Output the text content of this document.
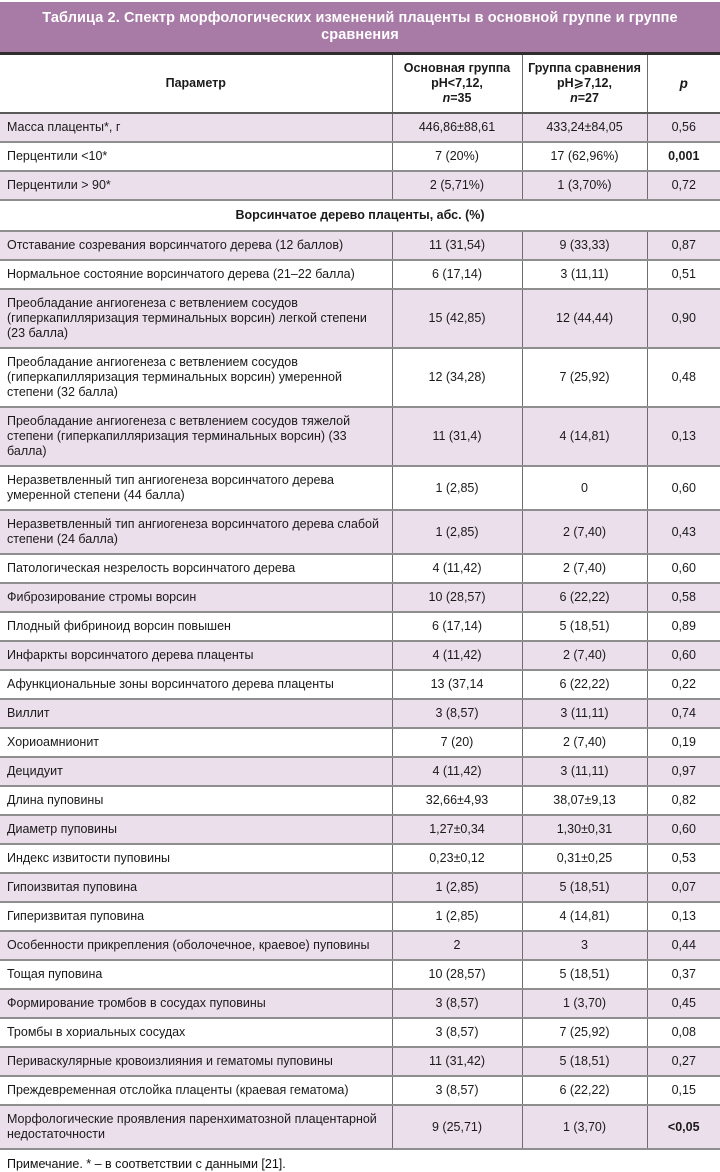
Таблица 2. Спектр морфологических изменений плаценты в основной группе и группе сравнения
Параметр	Основная группа
pH<7,12,
n=35	Группа сравнения
pH⩾7,12,
n=27	p
Масса плаценты*, г	446,86±88,61	433,24±84,05	0,56
Перцентили <10*	7 (20%)	17 (62,96%)	0,001
Перцентили > 90*	2 (5,71%)	1 (3,70%)	0,72
Ворсинчатое дерево плаценты, абс. (%)			
Отставание созревания ворсинчатого дерева (12 баллов)	11 (31,54)	9 (33,33)	0,87
Нормальное состояние ворсинчатого дерева (21–22 балла)	6 (17,14)	3 (11,11)	0,51
Преобладание ангиогенеза с ветвлением сосудов (гиперкапилляризация терминальных ворсин) легкой степени (23 балла)	15 (42,85)	12 (44,44)	0,90
Преобладание ангиогенеза с ветвлением сосудов (гиперкапилляризация терминальных ворсин) умеренной степени (32 балла)	12 (34,28)	7 (25,92)	0,48
Преобладание ангиогенеза с ветвлением сосудов тяжелой степени (гиперкапилляризация терминальных ворсин) (33 балла)	11 (31,4)	4 (14,81)	0,13
Неразветвленный тип ангиогенеза ворсинчатого дерева умеренной степени (44 балла)	1 (2,85)	0	0,60
Неразветвленный тип ангиогенеза ворсинчатого дерева слабой степени (24 балла)	1 (2,85)	2 (7,40)	0,43
Патологическая незрелость ворсинчатого дерева	4 (11,42)	2 (7,40)	0,60
Фиброзирование стромы ворсин	10 (28,57)	6 (22,22)	0,58
Плодный фибриноид ворсин повышен	6 (17,14)	5 (18,51)	0,89
Инфаркты ворсинчатого дерева плаценты	4 (11,42)	2 (7,40)	0,60
Афункциональные зоны ворсинчатого дерева плаценты	13 (37,14	6 (22,22)	0,22
Виллит	3 (8,57)	3 (11,11)	0,74
Хориоамнионит	7 (20)	2 (7,40)	0,19
Децидуит	4 (11,42)	3 (11,11)	0,97
Длина пуповины	32,66±4,93	38,07±9,13	0,82
Диаметр пуповины	1,27±0,34	1,30±0,31	0,60
Индекс извитости пуповины	0,23±0,12	0,31±0,25	0,53
Гипоизвитая пуповина	1 (2,85)	5 (18,51)	0,07
Гиперизвитая пуповина	1 (2,85)	4 (14,81)	0,13
Особенности прикрепления (оболочечное, краевое) пуповины	2	3	0,44
Тощая пуповина	10 (28,57)	5 (18,51)	0,37
Формирование тромбов в сосудах пуповины	3 (8,57)	1 (3,70)	0,45
Тромбы в хориальных сосудах	3 (8,57)	7 (25,92)	0,08
Периваскулярные кровоизлияния и гематомы пуповины	11 (31,42)	5 (18,51)	0,27
Преждевременная отслойка плаценты (краевая гематома)	3 (8,57)	6 (22,22)	0,15
Морфологические проявления паренхиматозной плацентарной недостаточности	9 (25,71)	1 (3,70)	<0,05
Примечание. * – в соответствии с данными [21].
